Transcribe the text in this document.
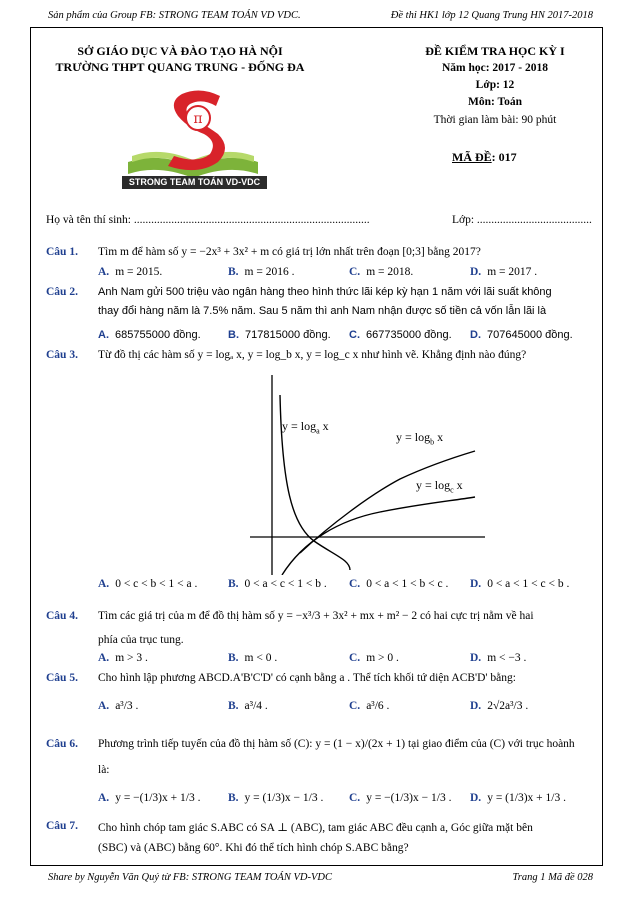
Sản phẩm của Group FB: STRONG TEAM TOÁN VD VDC.	Đề thi HK1 lớp 12 Quang Trung HN 2017-2018
SỞ GIÁO DỤC VÀ ĐÀO TẠO HÀ NỘI
TRƯỜNG THPT QUANG TRUNG - ĐỐNG ĐA
π
STRONG TEAM TOÁN VD-VDC
ĐỀ KIỂM TRA HỌC KỲ I
Năm học: 2017 - 2018
Lớp: 12
Môn: Toán
Thời gian làm bài: 90 phút
MÃ ĐỀ: 017
Họ và tên thí sinh: ..................................................................................	Lớp: ........................................
Câu 1. Tìm m để hàm số y = −2x³ + 3x² + m có giá trị lớn nhất trên đoạn [0;3] bằng 2017?
A. m = 2015.	B. m = 2016 .	C. m = 2018.	D. m = 2017 .
Câu 2. Anh Nam gửi 500 triệu vào ngân hàng theo hình thức lãi kép kỳ hạn 1 năm với lãi suất không
thay đổi hàng năm là 7.5% năm. Sau 5 năm thì anh Nam nhận được số tiền cả vốn lẫn lãi là
A. 685755000 đồng. B. 717815000 đồng. C. 667735000 đồng. D. 707645000 đồng.
Câu 3. Từ đồ thị các hàm số y = logₐ x, y = log_b x, y = log_c x như hình vẽ. Khẳng định nào đúng?
$y = \log_a x$
$y = \log_b x$
$y = \log_c x$
A. 0 < c < b < 1 < a .	B. 0 < a < c < 1 < b . C. 0 < a < 1 < b < c . D. 0 < a < 1 < c < b .
Câu 4. Tìm các giá trị của m để đồ thị hàm số y = −x³/3 + 3x² + mx + m² − 2 có hai cực trị nằm về hai
phía của trục tung.
A. m > 3 .	B. m < 0 .	C. m > 0 .	D. m < −3 .
Câu 5. Cho hình lập phương ABCD.A'B'C'D' có cạnh bằng a . Thể tích khối tứ diện ACB'D' bằng:
A. a³/3 .	B. a³/4 .	C. a³/6 .	D. 2√2a³/3 .
Câu 6. Phương trình tiếp tuyến của đồ thị hàm số (C): y = (1 − x)/(2x + 1) tại giao điểm của (C) với trục hoành
là:
A. y = −(1/3)x + 1/3 . B. y = (1/3)x − 1/3 . C. y = −(1/3)x − 1/3 . D. y = (1/3)x + 1/3 .
Câu 7. Cho hình chóp tam giác S.ABC có SA ⊥ (ABC), tam giác ABC đều cạnh a, Góc giữa mặt bên
(SBC) và (ABC) bằng 60°. Khi đó thể tích hình chóp S.ABC bằng?
Share by Nguyễn Văn Quý từ FB: STRONG TEAM TOÁN VD-VDC	Trang 1 Mã đề 028
